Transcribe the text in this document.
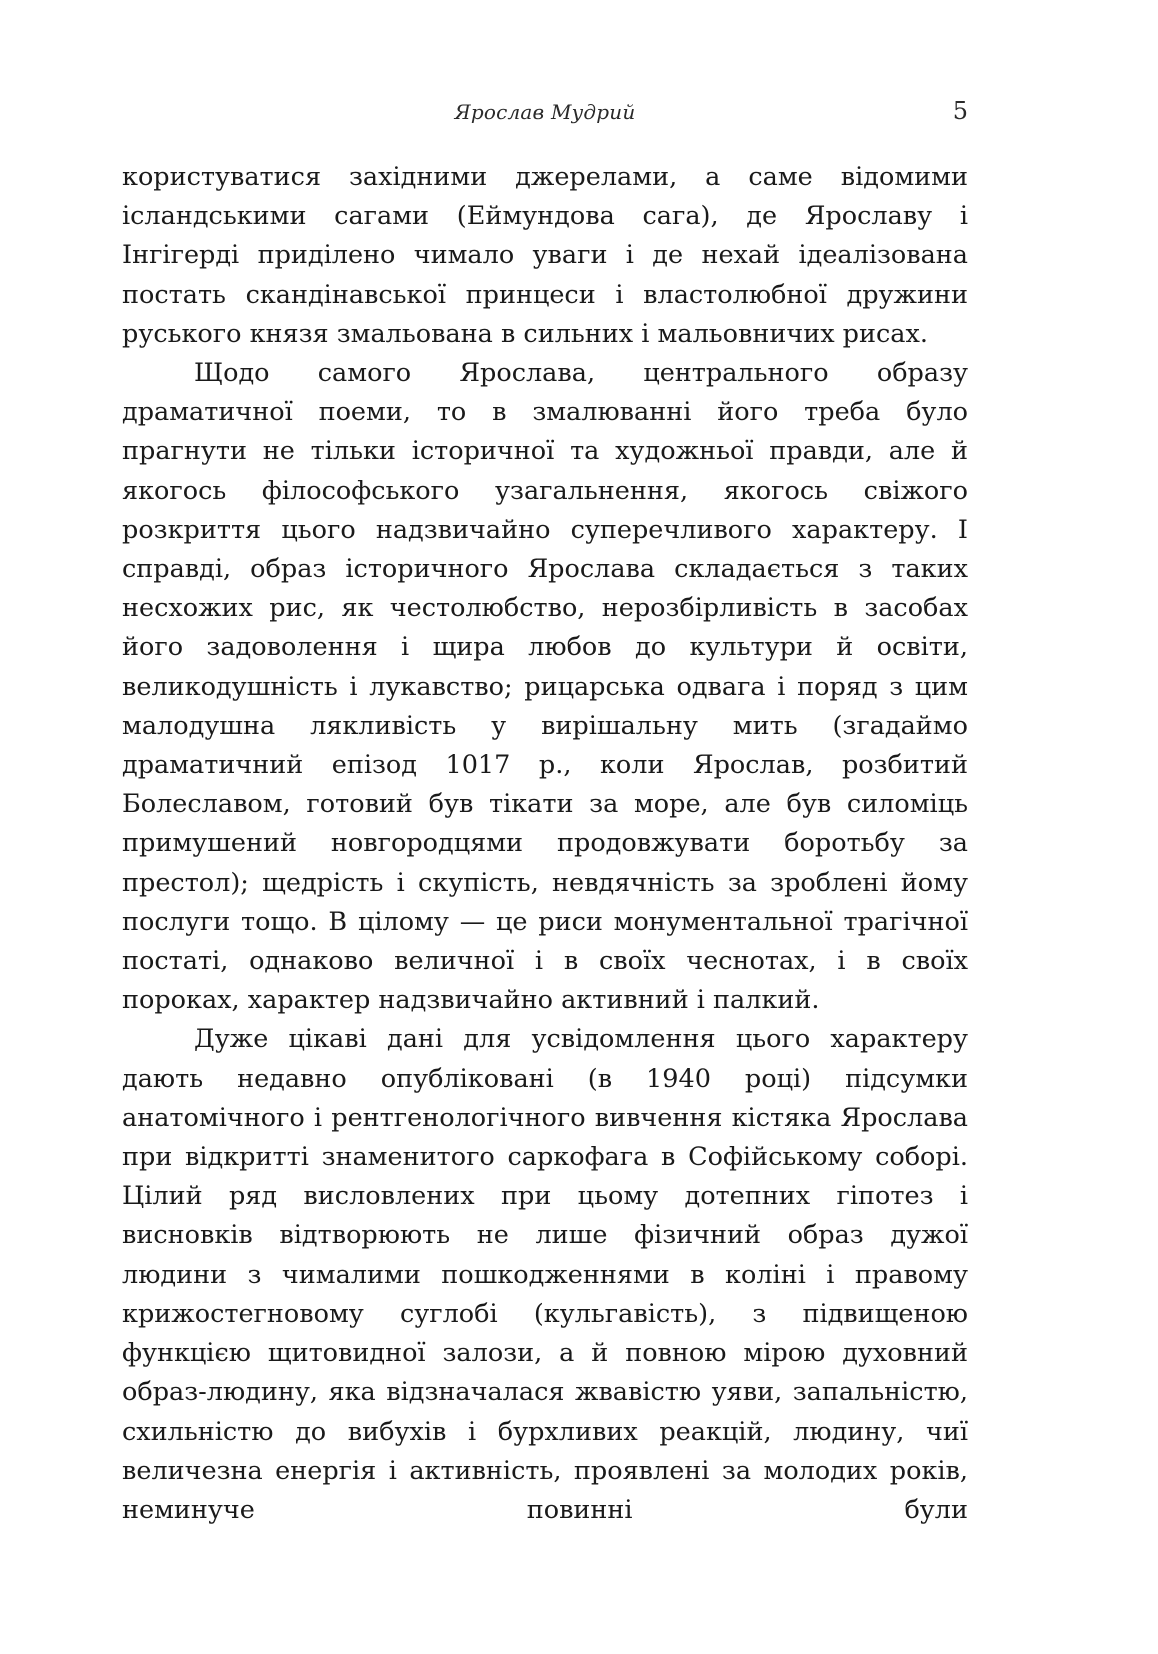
Ярослав Мудрий	5

користуватися західними джерелами, а саме відомими ісландськими сагами (Еймундова сага), де Ярославу і Інгігерді приділено чимало уваги і де нехай ідеалізована постать скандінавської принцеси і властолюбної дружини руського князя змальована в сильних і мальовничих рисах.

Щодо самого Ярослава, центрального образу драматичної поеми, то в змалюванні його треба було прагнути не тільки історичної та художньої правди, але й якогось філософського узагальнення, якогось свіжого розкриття цього надзвичайно суперечливого характеру. І справді, образ історичного Ярослава складається з таких несхожих рис, як честолюбство, нерозбірливість в засобах його задоволення і щира любов до культури й освіти, великодушність і лукавство; рицарська одвага і поряд з цим малодушна лякливість у вирішальну мить (згадаймо драматичний епізод 1017 р., коли Ярослав, розбитий Болеславом, готовий був тікати за море, але був силоміць примушений новгородцями продовжувати боротьбу за престол); щедрість і скупість, невдячність за зроблені йому послуги тощо. В цілому — це риси монументальної трагічної постаті, однаково величної і в своїх чеснотах, і в своїх пороках, характер надзвичайно активний і палкий.

Дуже цікаві дані для усвідомлення цього характеру дають недавно опубліковані (в 1940 році) підсумки анатомічного і рентгенологічного вивчення кістяка Ярослава при відкритті знаменитого саркофага в Софійському соборі. Цілий ряд висловлених при цьому дотепних гіпотез і висновків відтворюють не лише фізичний образ дужої людини з чималими пошкодженнями в коліні і правому крижостегновому суглобі (кульгавість), з підвищеною функцією щитовидної залози, а й повною мірою духовний образ-людину, яка відзначалася жвавістю уяви, запальністю, схильністю до вибухів і бурхливих реакцій, людину, чиї величезна енергія і активність, проявлені за молодих років, неминуче повинні були
